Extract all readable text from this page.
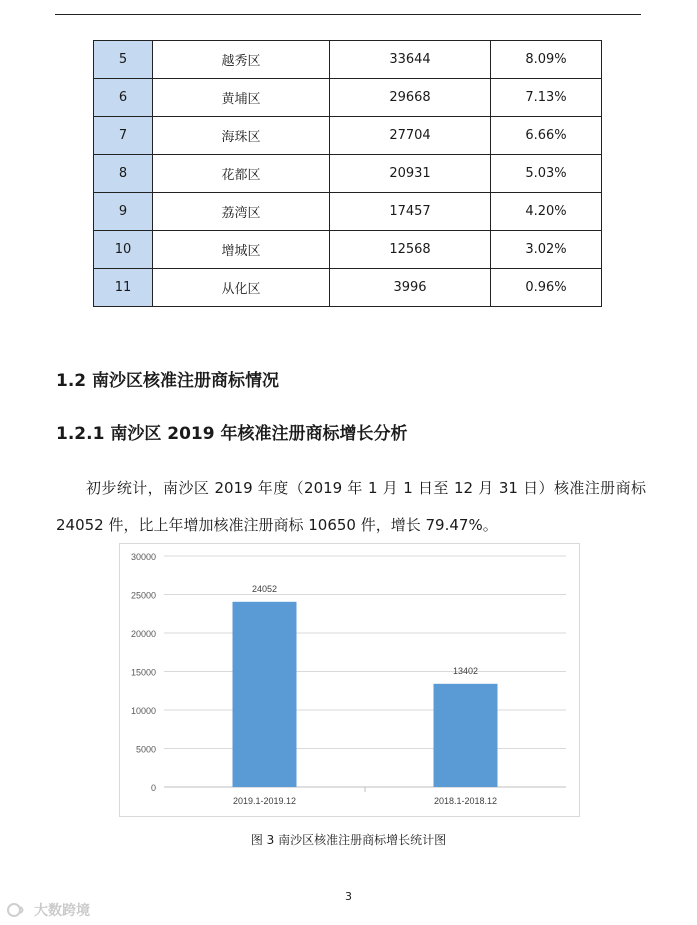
5	越秀区	33644	8.09%
6	黄埔区	29668	7.13%
7	海珠区	27704	6.66%
8	花都区	20931	5.03%
9	荔湾区	17457	4.20%
10	增城区	12568	3.02%
11	从化区	3996	0.96%
1.2 南沙区核准注册商标情况
1.2.1 南沙区 2019 年核准注册商标增长分析

初步统计，南沙区 2019 年度（2019 年 1 月 1 日至 12 月 31 日）核准注册商标 24052 件，比上年增加核准注册商标 10650 件，增长 79.47%。

0
5000
10000
15000
20000
25000
30000
24052
2019.1-2019.12
13402
2018.1-2018.12
图 3 南沙区核准注册商标增长统计图
3
大数跨境
